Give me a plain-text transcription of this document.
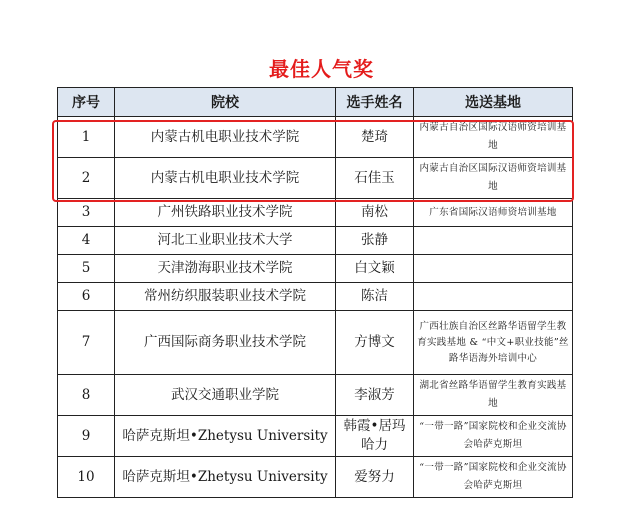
最佳人气奖
序号	院校	选手姓名	选送基地
1	内蒙古机电职业技术学院	楚琦	内蒙古自治区国际汉语师资培训基地
2	内蒙古机电职业技术学院	石佳玉	内蒙古自治区国际汉语师资培训基地
3	广州铁路职业技术学院	南松	广东省国际汉语师资培训基地
4	河北工业职业技术大学	张静	
5	天津渤海职业技术学院	白文颖	
6	常州纺织服装职业技术学院	陈洁	
7	广西国际商务职业技术学院	方博文	广西壮族自治区丝路华语留学生教育实践基地 & “中文+职业技能”丝路华语海外培训中心
8	武汉交通职业学院	李淑芳	湖北省丝路华语留学生教育实践基地
9	哈萨克斯坦•Zhetysu University	韩霞•居玛哈力	“一带一路”国家院校和企业交流协会哈萨克斯坦
10	哈萨克斯坦•Zhetysu University	爱努力	“一带一路”国家院校和企业交流协会哈萨克斯坦
